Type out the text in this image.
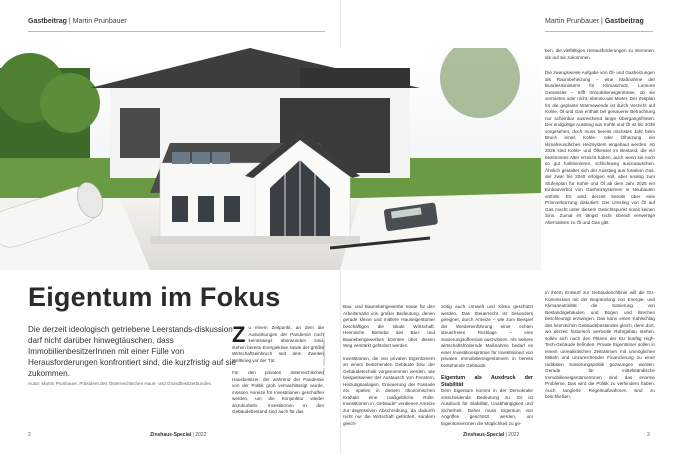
Gastbeitrag | Martin Prunbauer
Eigentum im Fokus
Die derzeit ideologisch getriebene Leerstands-diskussion darf nicht darüber hinwegtäuschen, dass ImmobilienbesitzerInnen mit einer Fülle von Herausforderungen konfrontiert sind, die kurzfristig auf sie zukommen.
Autor: Martin Prunbauer, Präsident des Österreichischen Haus- und Grundbesitzerbundes
Foto: www.adobestock.com

Zu einem Zeitpunkt, an dem die Auswirkungen der Pandemie noch keineswegs überwunden sind, stehen bereits Energiekrise sowie der größte Wirtschaftseinbruch seit dem Zweiten Weltkrieg vor der Tür.

Für den privaten österreichischen Hausbesitzer, der während der Pandemie von der Politik grob vernachlässigt wurde, müssen Anreize für Investitionen geschaffen werden, um die Konjunktur wieder anzukurbeln. Investitionen in den Gebäudebestand sind auch für das

2
Martin Prunbauer | Gastbeitrag

Bau- und Baunebengewerbe sowie für den Arbeitsmarkt von großer Bedeutung, denen gerade kleine und mittlere Hauseigentümer beschäftigen die lokale Wirtschaft. Heimische Betriebe des Bau- und Baunebengewerbes könnten über diesen Weg verstärkt gefördert werden.

Investitionen, die von privaten Eigentümern an einem bestehenden Gebäude bzw. der Gebäudetechnik vorgenommen werden, wie beispielsweise der Austausch von Fenstern, Heizungsanlagen, Erneuerung der Fassade etc. spielen in diesem ökonomischen Kraftakt eine maßgebliche Rolle. Investitionen in „Gebäude“ verdienen Anreize zur degressiven Abschreibung, da dadurch nicht nur die Wirtschaft gefördert, sondern gleich-

zeitig auch Umwelt und Klima geschützt werden. Das Steuerrecht ist besonders geeignet, durch Anreize – wie zum Beispiel der Wiedereinführung einer echten steuerfreien Rücklage – eine Sanierungsoffensive auszulösen. Als weitere wirtschaftsfördernde Maßnahme bedarf es einer Investitionsprämie für Investitionen von privaten Immobilieneigentümern in bereits bestehende Gebäude.

Eigentum als Ausdruck der Stabilität

Dem Eigentum kommt in der Demokratie entscheidende Bedeutung zu. Es ist Ausdruck für Stabilität, Unabhängigkeit und Sicherheit. Daher muss Eigentum von Angriffen geschützt werden, um Eigentümerinnen die Möglichkeit zu ge-

ben, die vielfältigen Herausforderungen zu stemmen, die auf sie zukommen.

Die zwangsweise Aufgabe von Öl- und Gasheizungen als Raumbeheizung – eine Maßnahme der Bundesministerin für Klimaschutz, Leonore Gewessler – trifft Immobilieneigentümer, ob sie vermieten oder nicht, ebenso wie Mieter. Der Zeitplan für die geplante Wärmewende ist durch Verzicht auf Kohle, Öl und Gas enthalt bei genauerer Betrachtung nur scheinbar ausreichend lange Übergangsfristen: Der endgültige Ausstieg aus Kohle und Öl ist bis 2035 vorgesehen, doch muss bereits nächstes Jahr beim Bruch eines Kohle- oder Ölheizung ein klimafreundliches Heizsystem eingebaut werden. Ab 2025 sind Kohle- und Ölkessel im Bestand, die ein bestimmtes Alter erreicht haben, auch wenn sie noch so gut funktionieren, schlichtweg auszutauschen. Ähnlich gestaltet sich der Ausstieg aus fossilem Gas, der zwar bis 2040 erfolgen soll, aber analog zum Stufenplan für Kohle und Öl ab dem Jahr 2025 ein Einbauverbot von Gasheizsystemen in Neubauten enthält. Es wird derzeit bereits über eine Priorverkürzung diskutiert. Der Umstieg von Öl auf Gas macht unter diesem Gesichtspunkt somit keinen Sinn. Zumal es längst nicht überall verwertige Alternativen zu Öl und Gas gibt.

In ihrem Entwurf zur Gebäuderichtlinie will die EU-Kommission mit der Begründung von Energie- und Klimaneutralität die Sanierung von Bestandsgebäuden und Bogen und Brechen beschleunigt erzwingen. Das kann einen Kahlschlag des heimischen Gebäudebestandes gleich, denn dort, wo derzeit historisch wertvolle Rührgebäu stehen, sollen sich nach den Plänen der EU künftig High-Tech-Gebäude befinden. Private Eigentümer sollen in einem unrealistischen Zeitrahmen mit unmöglichen Mitteln und unzureichender Finanzierung zu einer radikalen Sanierungspolitik gezwungen werden. Gerade für mittelständische ImmobilieneigentümerInnen sind das enorme Probleme. Das wird die Politik zu verhindern haben. Auch tangierte Regelmaßnahmen sind zu beschließen.

Zinshaus-Special | 2022	3
Zinshaus-Special | 2022
